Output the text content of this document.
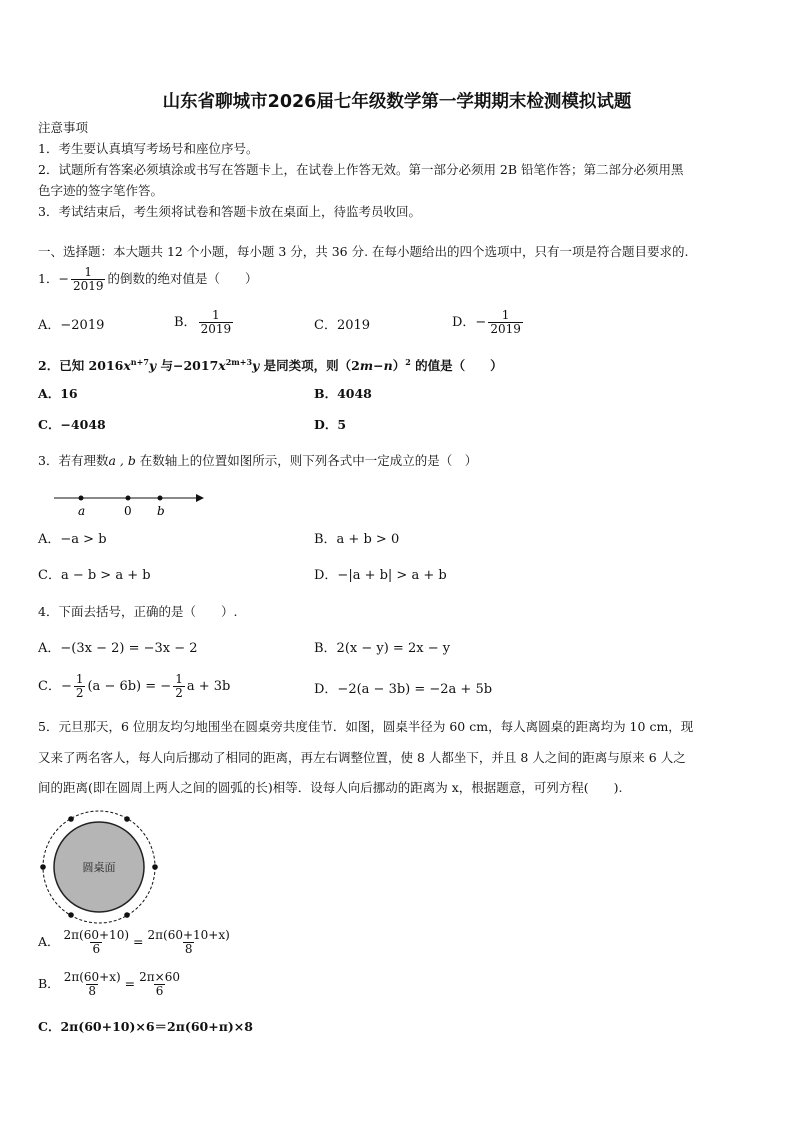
山东省聊城市2026届七年级数学第一学期期末检测模拟试题
注意事项
1．考生要认真填写考场号和座位序号。
2．试题所有答案必须填涂或书写在答题卡上，在试卷上作答无效。第一部分必须用 2B 铅笔作答；第二部分必须用黑
色字迹的签字笔作答。
3．考试结束后，考生须将试卷和答题卡放在桌面上，待监考员收回。
一、选择题：本大题共 12 个小题，每小题 3 分，共 36 分. 在每小题给出的四个选项中，只有一项是符合题目要求的.
1．− $\frac{1}{2019}$ 的倒数的绝对值是（　　）
A．−2019	B． $\frac{1}{2019}$	C．2019	D．− $\frac{1}{2019}$
2．已知 $2016x^{n+7}y$ 与$-2017x^{2m+3}y$ 是同类项，则$(2m-n)^2$ 的值是（　　）
A．16	B．4048
C．−4048	D．5
3．若有理数a , b 在数轴上的位置如图所示，则下列各式中一定成立的是（　）
a	0 b
A．−a > b	B．a + b > 0
C．a − b > a + b	D．−|a + b| > a + b
4．下面去括号，正确的是（　　）.
A．−(3x − 2) = −3x − 2	B．2(x − y) = 2x − y
C．− $\frac{1}{2} (a - 6b)$ = − $\frac{1}{2}$ a + 3b	D．−2(a − 3b) = −2a + 5b
5．元旦那天，6 位朋友均匀地围坐在圆桌旁共度佳节．如图，圆桌半径为 60 cm，每人离圆桌的距离均为 10 cm，现
又来了两名客人，每人向后挪动了相同的距离，再左右调整位置，使 8 人都坐下，并且 8 人之间的距离与原来 6 人之
间的距离(即在圆周上两人之间的圆弧的长)相等．设每人向后挪动的距离为 x，根据题意，可列方程(　　).
圆桌面
A． $\frac{2\pi(60+10)}{6} = \frac{2\pi(60+10+x)}{8}$
B． $\frac{2\pi(60+x)}{8} = \frac{2\pi\times 60}{6}$
C．2π(60+10)×6＝2π(60+π)×8
